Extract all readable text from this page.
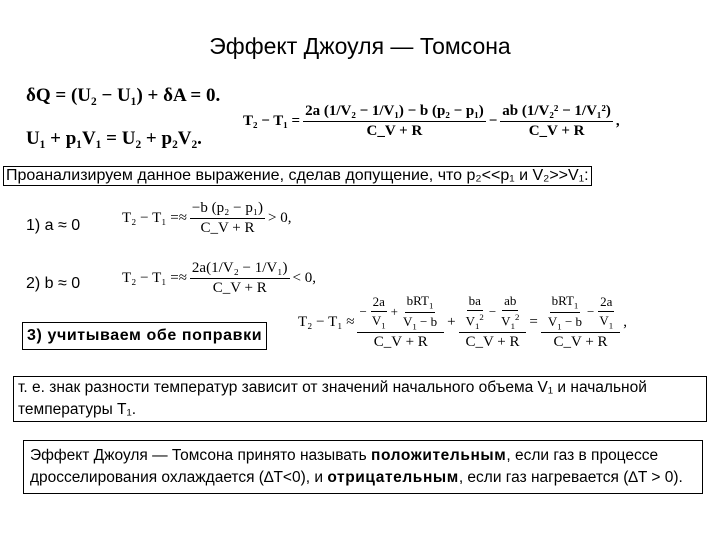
Эффект Джоуля — Томсона
δQ = (U₂ − U₁) + δA = 0.
U₁ + p₁V₁ = U₂ + p₂V₂.
$T_2 - T_1 = \frac{\text{2a (1/V₂ − 1/V₁) − b (p₂ − p₁)}}{C\_V + R} - \frac{\text{ab (1/V₂² − 1/V₁²)}}{C\_V + R}$ ,
Проанализируем данное выражение, сделав допущение, что p₂<<p₁ и V₂>>V₁:
1) a ≈ 0	T₂ − T₁ = ≈ $\frac{\text{−b (p₂ − p₁)}}{C\_V + R} > 0$,
2) b ≈ 0	T₂ − T₁ = ≈ $\frac{\text{2a(1/V₂ − 1/V₁)}}{C\_V + R} < 0$,
3) учитываем обе поправки
$T_2 - T_1 \approx \frac{- \frac{2a}{V_1} + \frac{bRT_1}{V_1 - b}}{C\_V + R} + \frac{\frac{ba}{V_1^2} - \frac{ab}{V_1^2}}{C\_V + R} = \frac{\frac{bRT_1}{V_1 - b} - \frac{2a}{V_1}}{C\_V + R}$ ,
т. е. знак разности температур зависит от значений начального объема V₁ и начальной температуры T₁.
Эффект Джоуля — Томсона принято называть положительным, если газ в процессе дросселирования охлаждается (∆T<0), и отрицательным, если газ нагревается (∆T > 0).
